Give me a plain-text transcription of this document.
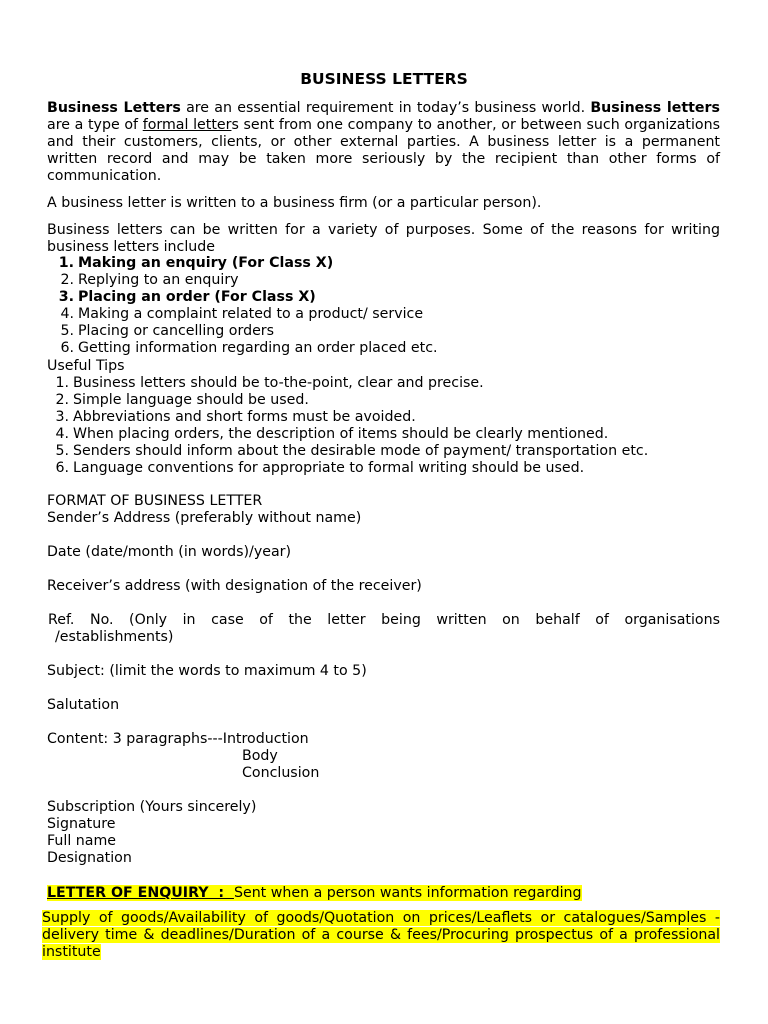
BUSINESS LETTERS
Business Letters are an essential requirement in today’s business world. Business letters are a type of formal letters sent from one company to another, or between such organizations and their customers, clients, or other external parties. A business letter is a permanent written record and may be taken more seriously by the recipient than other forms of communication.
A business letter is written to a business firm (or a particular person).
Business letters can be written for a variety of purposes. Some of the reasons for writing business letters include
1. Making an enquiry (For Class X)
2. Replying to an enquiry
3. Placing an order (For Class X)
4. Making a complaint related to a product/ service
5. Placing or cancelling orders
6. Getting information regarding an order placed etc.
Useful Tips
1. Business letters should be to-the-point, clear and precise.
2. Simple language should be used.
3. Abbreviations and short forms must be avoided.
4. When placing orders, the description of items should be clearly mentioned.
5. Senders should inform about the desirable mode of payment/ transportation etc.
6. Language conventions for appropriate to formal writing should be used.
FORMAT OF BUSINESS LETTER
Sender’s Address (preferably without name)
Date (date/month (in words)/year)
Receiver’s address (with designation of the receiver)
Ref. No. (Only in case of the letter being written on behalf of organisations
/establishments)
Subject: (limit the words to maximum 4 to 5)
Salutation
Content: 3 paragraphs---Introduction
Body
Conclusion
Subscription (Yours sincerely)
Signature
Full name
Designation
LETTER OF ENQUIRY  :  Sent when a person wants information regarding
Supply of goods/Availability of goods/Quotation on prices/Leaflets or catalogues/Samples - delivery time & deadlines/Duration of a course & fees/Procuring prospectus of a professional institute
